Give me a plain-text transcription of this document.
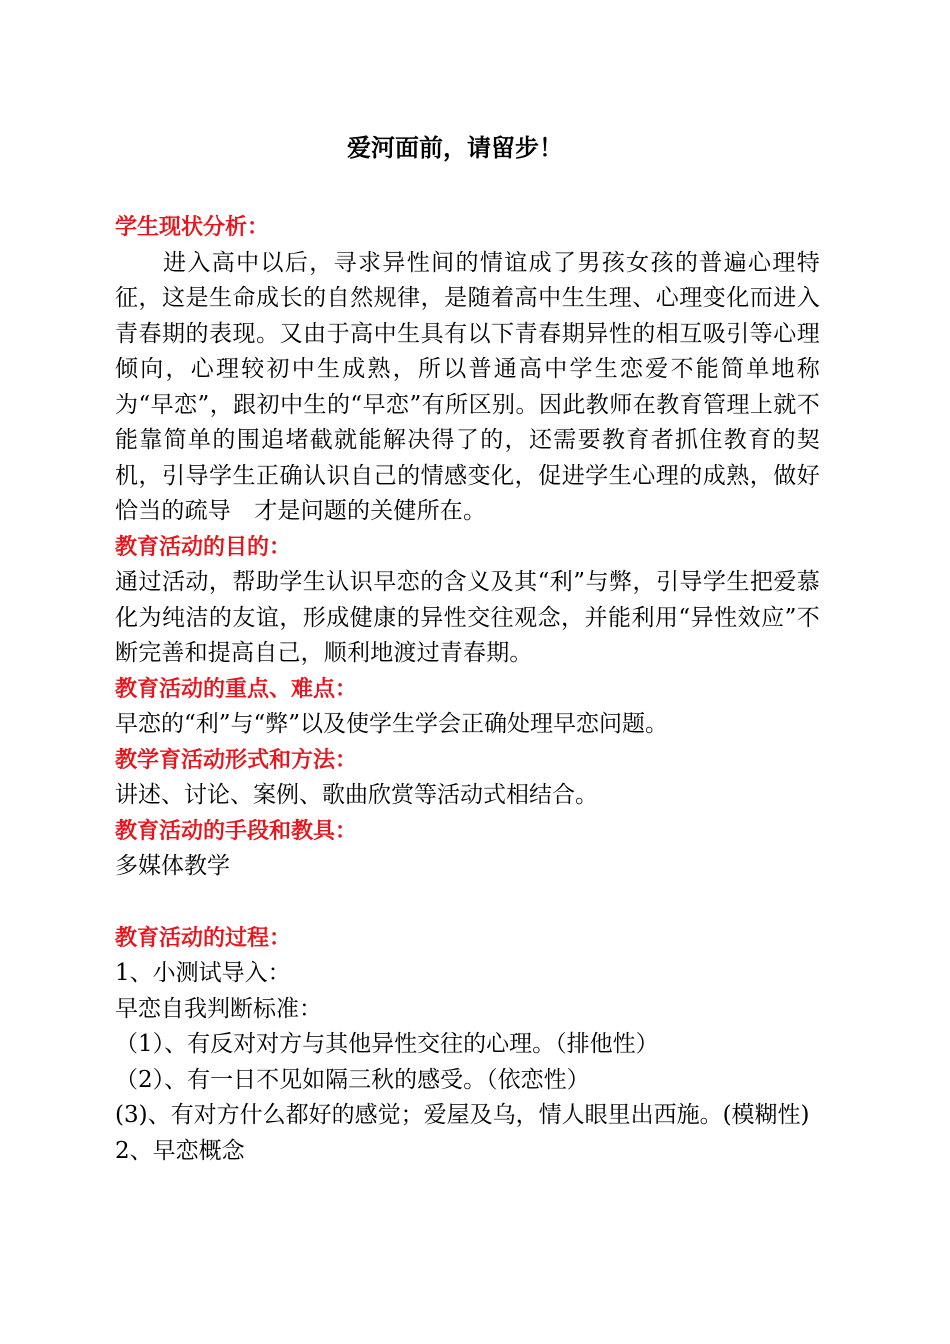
爱河面前，请留步！
学生现状分析：

进入高中以后，寻求异性间的情谊成了男孩女孩的普遍心理特征，这是生命成长的自然规律，是随着高中生生理、心理变化而进入青春期的表现。又由于高中生具有以下青春期异性的相互吸引等心理倾向，心理较初中生成熟，所以普通高中学生恋爱不能简单地称为“早恋”，跟初中生的“早恋”有所区别。因此教师在教育管理上就不能靠简单的围追堵截就能解决得了的，还需要教育者抓住教育的契机，引导学生正确认识自己的情感变化，促进学生心理的成熟，做好恰当的疏导　才是问题的关健所在。

教育活动的目的：

通过活动，帮助学生认识早恋的含义及其“利”与弊，引导学生把爱慕化为纯洁的友谊，形成健康的异性交往观念，并能利用“异性效应”不断完善和提高自己，顺利地渡过青春期。

教育活动的重点、难点：

早恋的“利”与“弊”以及使学生学会正确处理早恋问题。

教学育活动形式和方法：

讲述、讨论、案例、歌曲欣赏等活动式相结合。

教育活动的手段和教具：

多媒体教学

教育活动的过程：

1、小测试导入：

早恋自我判断标准：

（1）、有反对对方与其他异性交往的心理。（排他性）

（2）、有一日不见如隔三秋的感受。（依恋性）

(3)、有对方什么都好的感觉；爱屋及乌，情人眼里出西施。(模糊性)

2、早恋概念
